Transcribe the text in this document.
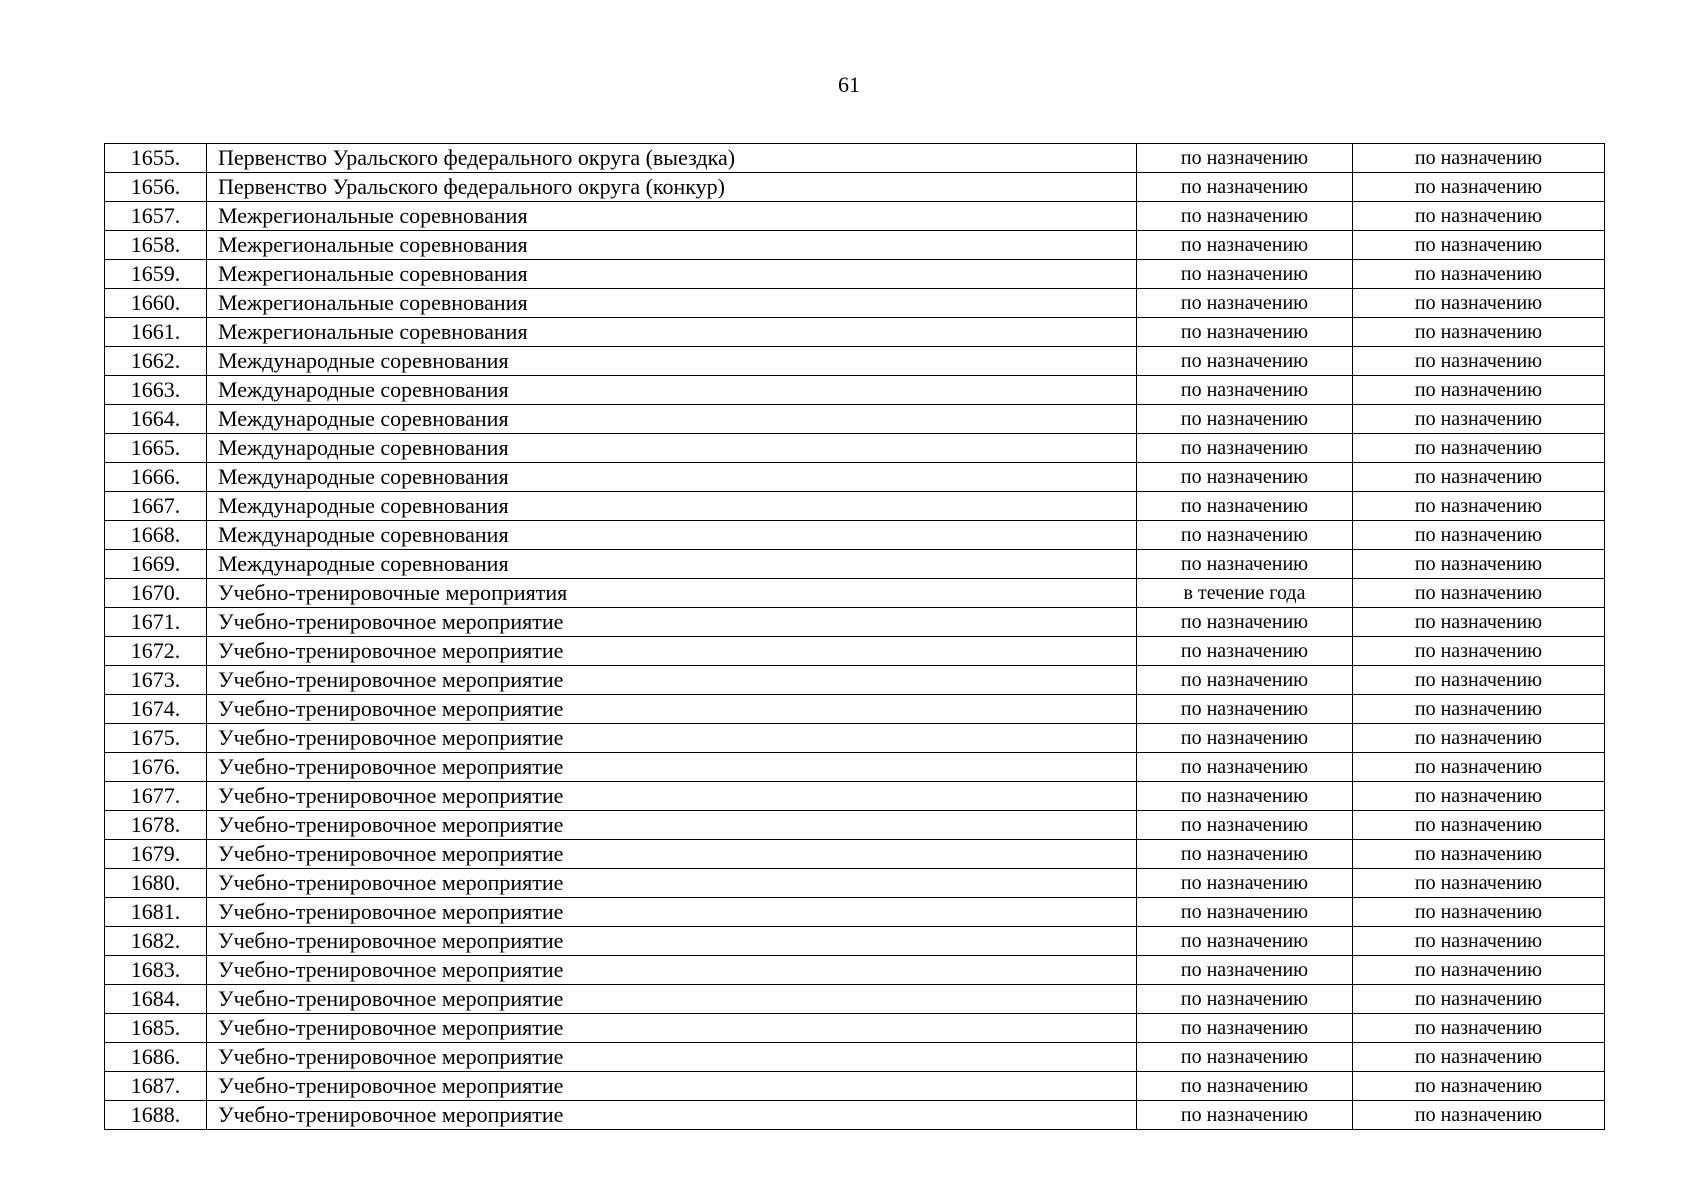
61
1655.	Первенство Уральского федерального округа (выездка)	по назначению	по назначению
1656.	Первенство Уральского федерального округа (конкур)	по назначению	по назначению
1657.	Межрегиональные соревнования	по назначению	по назначению
1658.	Межрегиональные соревнования	по назначению	по назначению
1659.	Межрегиональные соревнования	по назначению	по назначению
1660.	Межрегиональные соревнования	по назначению	по назначению
1661.	Межрегиональные соревнования	по назначению	по назначению
1662.	Международные соревнования	по назначению	по назначению
1663.	Международные соревнования	по назначению	по назначению
1664.	Международные соревнования	по назначению	по назначению
1665.	Международные соревнования	по назначению	по назначению
1666.	Международные соревнования	по назначению	по назначению
1667.	Международные соревнования	по назначению	по назначению
1668.	Международные соревнования	по назначению	по назначению
1669.	Международные соревнования	по назначению	по назначению
1670.	Учебно-тренировочные мероприятия	в течение года	по назначению
1671.	Учебно-тренировочное мероприятие	по назначению	по назначению
1672.	Учебно-тренировочное мероприятие	по назначению	по назначению
1673.	Учебно-тренировочное мероприятие	по назначению	по назначению
1674.	Учебно-тренировочное мероприятие	по назначению	по назначению
1675.	Учебно-тренировочное мероприятие	по назначению	по назначению
1676.	Учебно-тренировочное мероприятие	по назначению	по назначению
1677.	Учебно-тренировочное мероприятие	по назначению	по назначению
1678.	Учебно-тренировочное мероприятие	по назначению	по назначению
1679.	Учебно-тренировочное мероприятие	по назначению	по назначению
1680.	Учебно-тренировочное мероприятие	по назначению	по назначению
1681.	Учебно-тренировочное мероприятие	по назначению	по назначению
1682.	Учебно-тренировочное мероприятие	по назначению	по назначению
1683.	Учебно-тренировочное мероприятие	по назначению	по назначению
1684.	Учебно-тренировочное мероприятие	по назначению	по назначению
1685.	Учебно-тренировочное мероприятие	по назначению	по назначению
1686.	Учебно-тренировочное мероприятие	по назначению	по назначению
1687.	Учебно-тренировочное мероприятие	по назначению	по назначению
1688.	Учебно-тренировочное мероприятие	по назначению	по назначению
